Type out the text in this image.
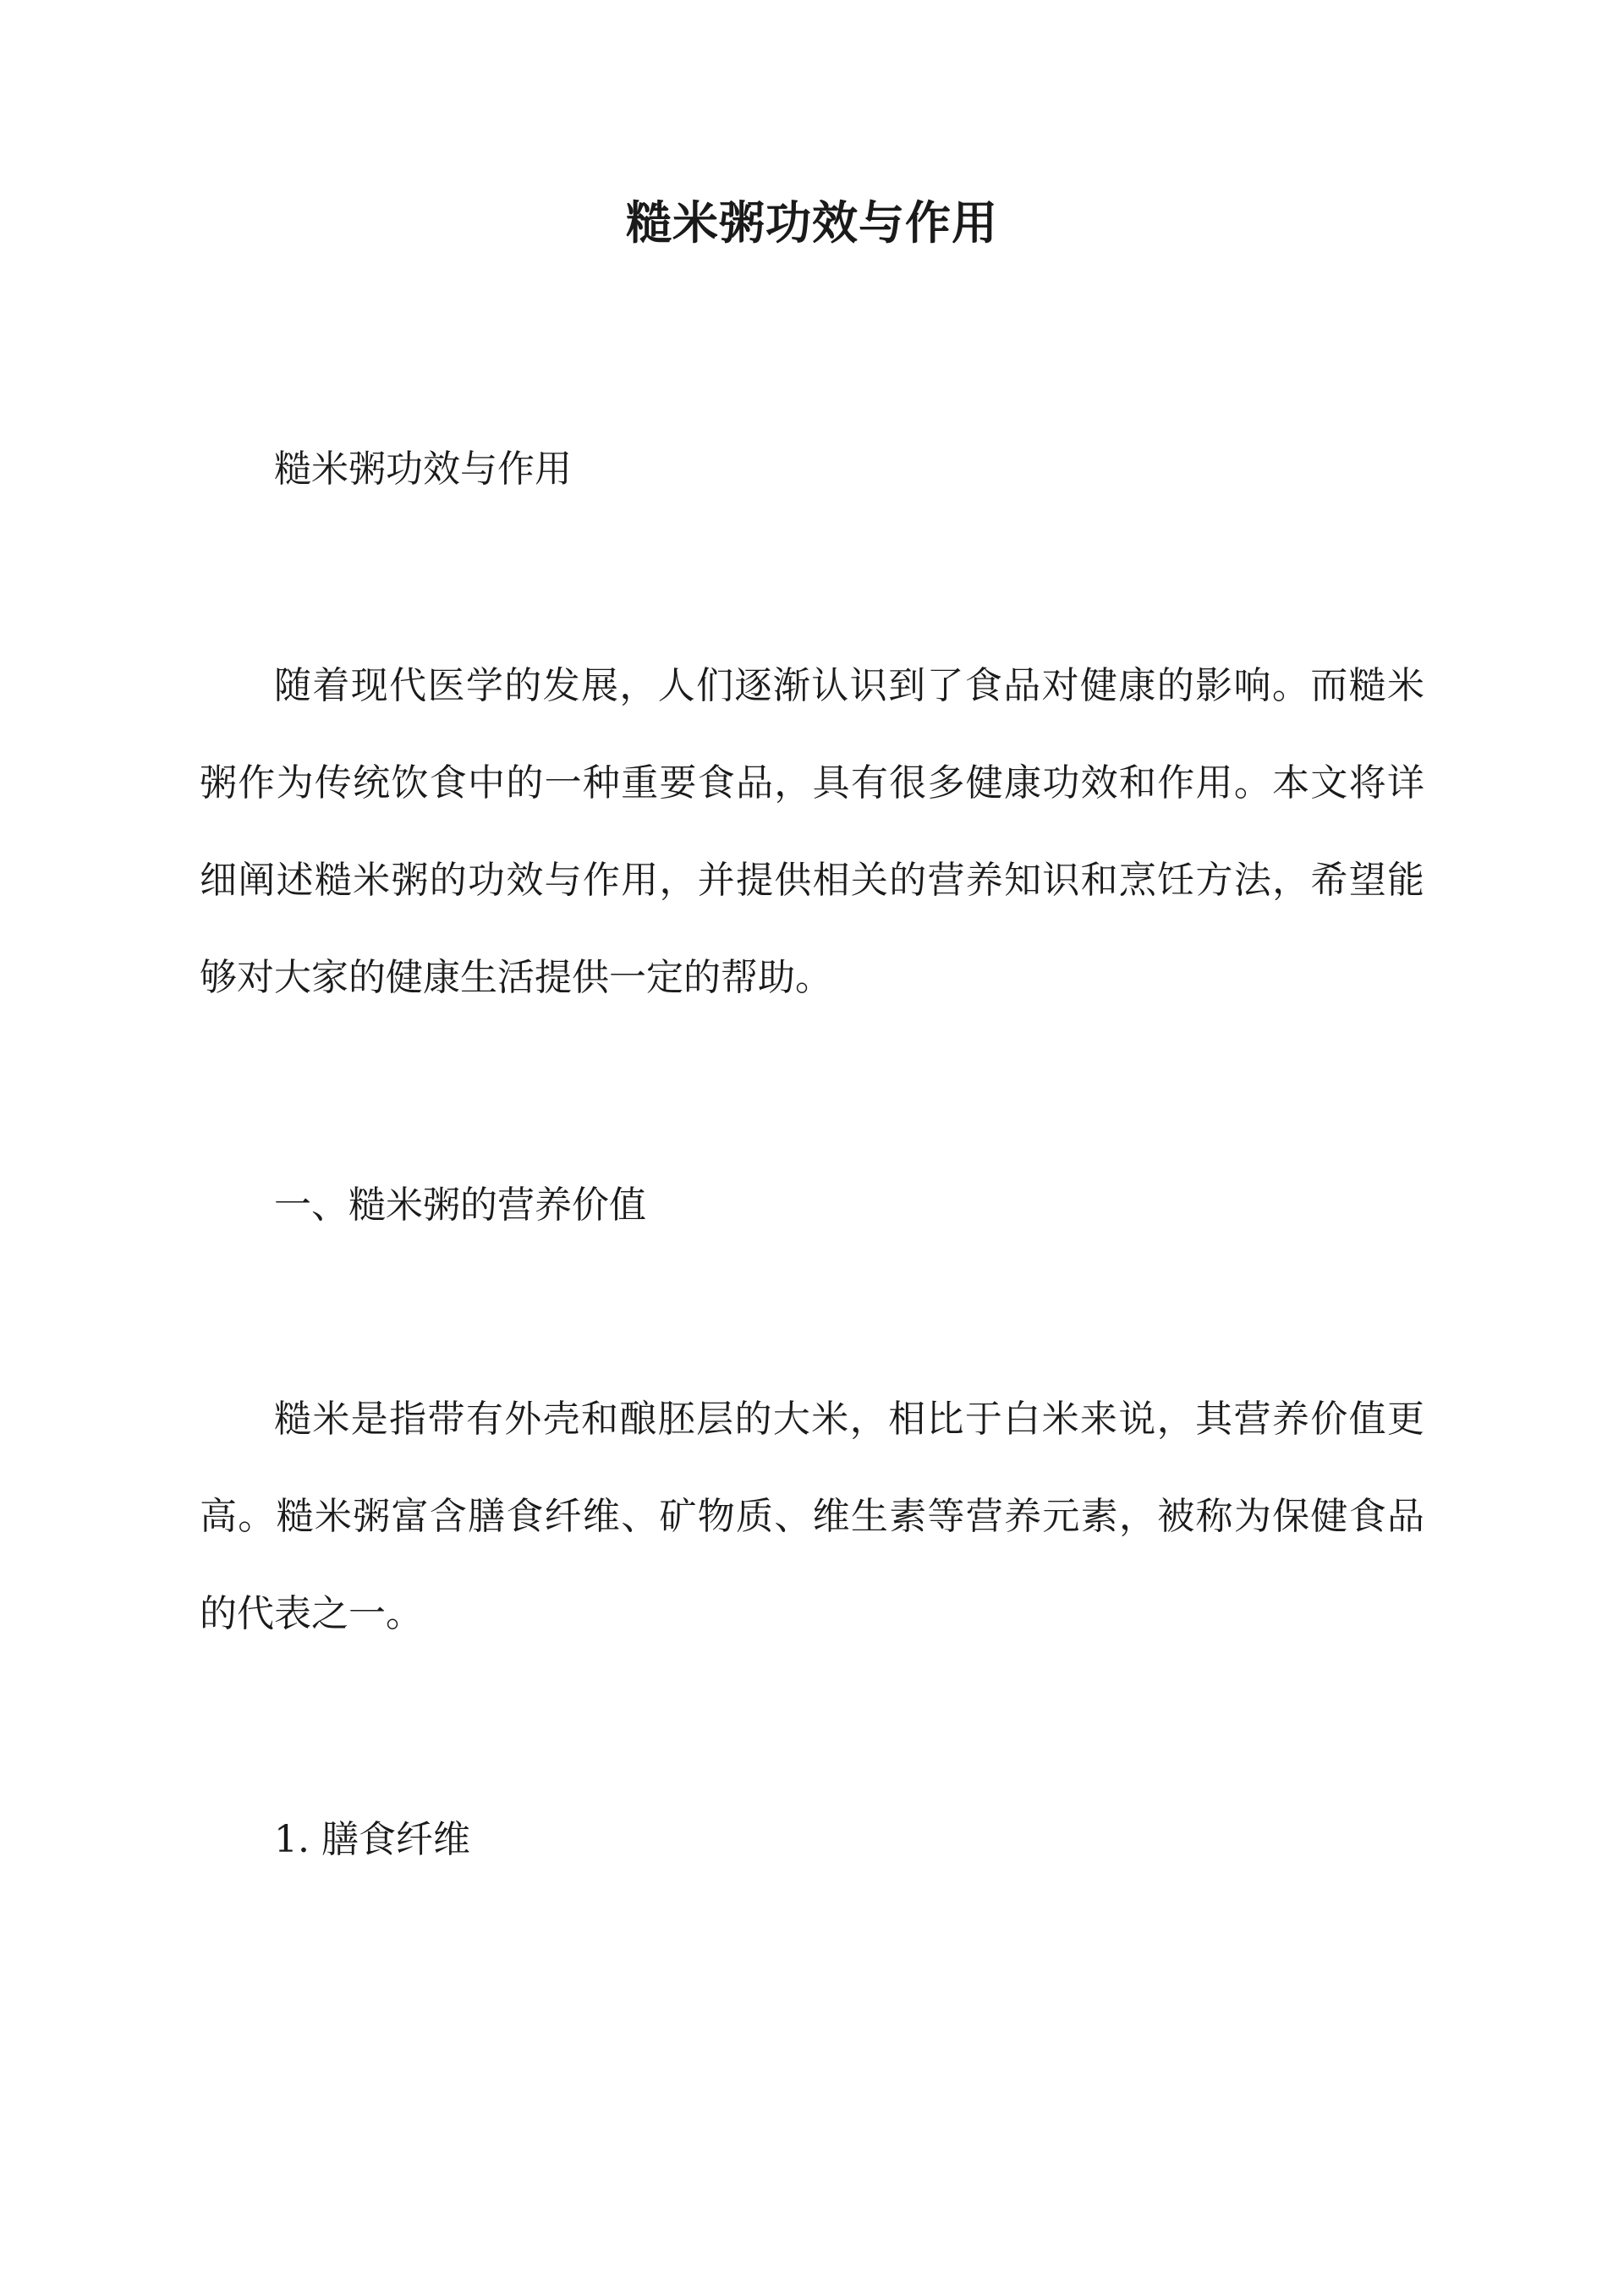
糙米粥功效与作用

糙米粥功效与作用

随着现代医学的发展，人们逐渐认识到了食品对健康的影响。而糙米粥作为传统饮食中的一种重要食品，具有很多健康功效和作用。本文将详细阐述糙米粥的功效与作用，并提供相关的营养知识和烹饪方法，希望能够对大家的健康生活提供一定的帮助。

一、糙米粥的营养价值

糙米是指带有外壳和酿胚层的大米，相比于白米来说，其营养价值更高。糙米粥富含膳食纤维、矿物质、维生素等营养元素，被称为保健食品的代表之一。

1. 膳食纤维
